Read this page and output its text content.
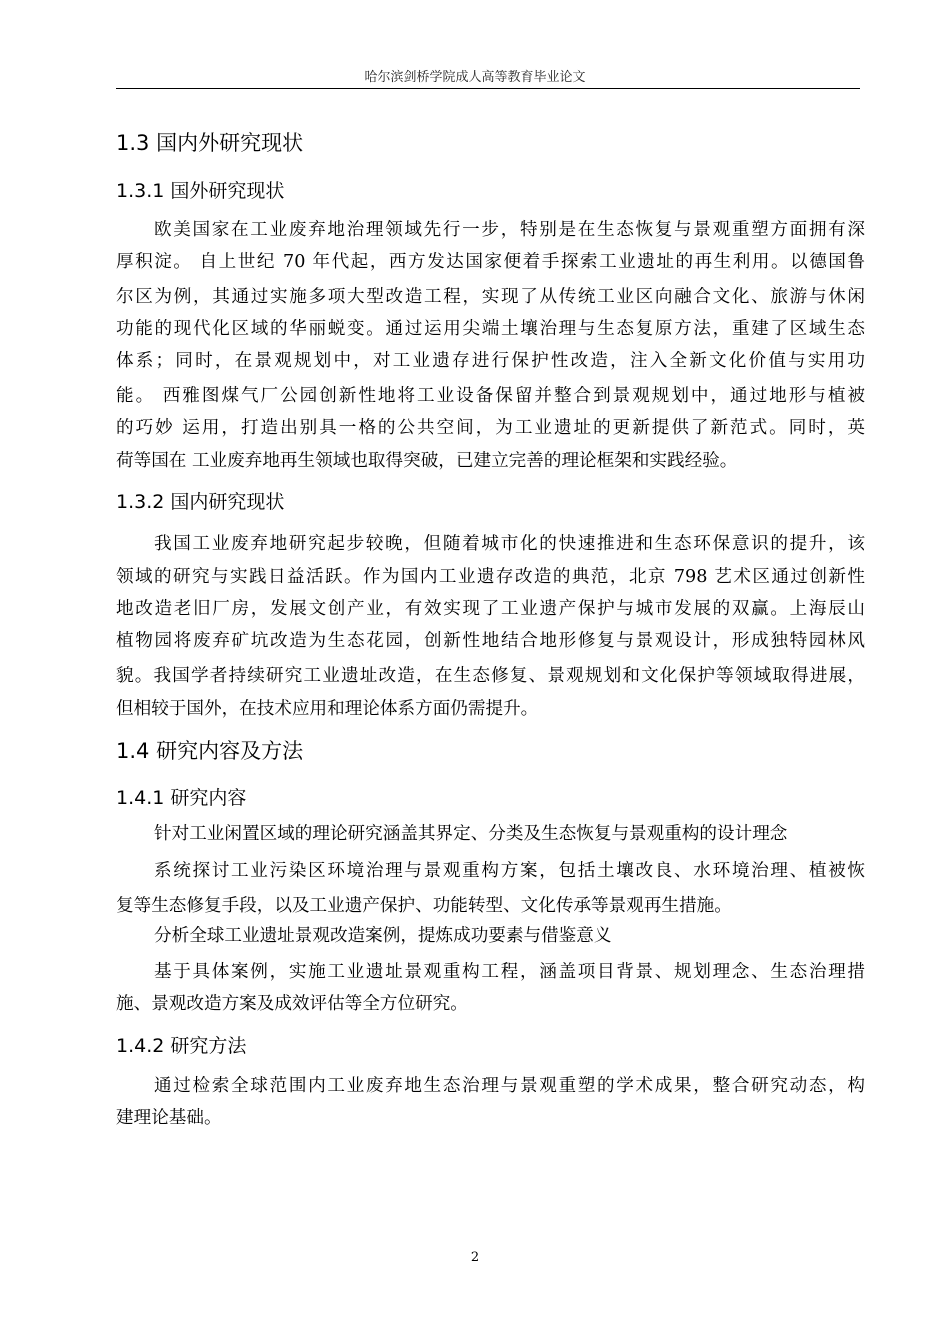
哈尔滨剑桥学院成人高等教育毕业论文
1.3 国内外研究现状
1.3.1 国外研究现状
欧美国家在工业废弃地治理领域先行一步，特别是在生态恢复与景观重塑方面拥有深
厚积淀。 自上世纪 70 年代起，西方发达国家便着手探索工业遗址的再生利用。以德国鲁
尔区为例，其通过实施多项大型改造工程，实现了从传统工业区向融合文化、旅游与休闲
功能的现代化区域的华丽蜕变。通过运用尖端土壤治理与生态复原方法，重建了区域生态
体系；同时，在景观规划中，对工业遗存进行保护性改造，注入全新文化价值与实用功
能。 西雅图煤气厂公园创新性地将工业设备保留并整合到景观规划中，通过地形与植被
的巧妙 运用，打造出别具一格的公共空间，为工业遗址的更新提供了新范式。同时，英
荷等国在 工业废弃地再生领域也取得突破，已建立完善的理论框架和实践经验。
1.3.2 国内研究现状
我国工业废弃地研究起步较晚，但随着城市化的快速推进和生态环保意识的提升，该
领域的研究与实践日益活跃。作为国内工业遗存改造的典范，北京 798 艺术区通过创新性
地改造老旧厂房，发展文创产业，有效实现了工业遗产保护与城市发展的双赢。上海辰山
植物园将废弃矿坑改造为生态花园，创新性地结合地形修复与景观设计，形成独特园林风
貌。我国学者持续研究工业遗址改造，在生态修复、景观规划和文化保护等领域取得进展，
但相较于国外，在技术应用和理论体系方面仍需提升。
1.4 研究内容及方法
1.4.1 研究内容
针对工业闲置区域的理论研究涵盖其界定、分类及生态恢复与景观重构的设计理念
系统探讨工业污染区环境治理与景观重构方案，包括土壤改良、水环境治理、植被恢
复等生态修复手段，以及工业遗产保护、功能转型、文化传承等景观再生措施。
分析全球工业遗址景观改造案例，提炼成功要素与借鉴意义
基于具体案例，实施工业遗址景观重构工程，涵盖项目背景、规划理念、生态治理措
施、景观改造方案及成效评估等全方位研究。
1.4.2 研究方法
通过检索全球范围内工业废弃地生态治理与景观重塑的学术成果，整合研究动态，构
建理论基础。
2
